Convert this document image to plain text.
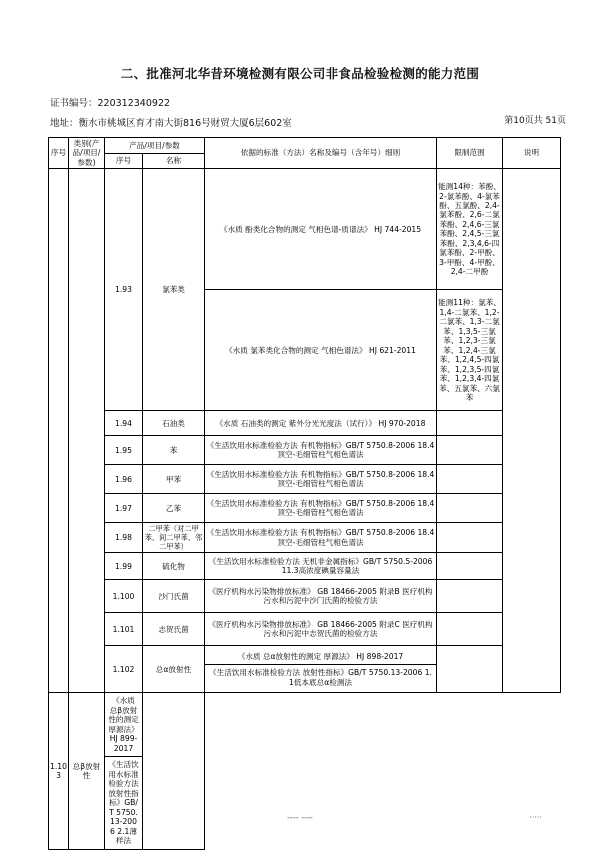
二、批准河北华昔环境检测有限公司非食品检验检测的能力范围
证书编号：220312340922
地址：衡水市桃城区育才南大街816号财贸大厦6层602室	第10页共 51页
序号	类别(产品/项目/参数)	产品/项目/参数		依据的标准（方法）名称及编号（含年号）细则	限制范围	说明
		序号	名称			
		1.93	氯苯类	《水质 酚类化合物的测定 气相色谱-质谱法》 HJ 744-2015	能测14种：苯酚、2-氯苯酚、4-氯苯酚、五氯酚、2,4-氯苯酚、2,6-二氯苯酚、2,4,6-三氯苯酚、2,4,5-三氯苯酚、2,3,4,6-四氯苯酚、2-甲酚、3-甲酚、4-甲酚、2,4-二甲酚	
				《水质 氯苯类化合物的测定 气相色谱法》 HJ 621-2011	能测11种：氯苯、1,4-二氯苯、1,2-二氯苯、1,3-二氯苯、1,3,5-三氯苯、1,2,3-三氯苯、1,2,4-三氯苯、1,2,4,5-四氯苯、1,2,3,5-四氯苯、1,2,3,4-四氯苯、五氯苯、六氯苯	
		1.94	石油类	《水质 石油类的测定 紫外分光光度法（试行）》 HJ 970-2018		
		1.95	苯	《生活饮用水标准检验方法 有机物指标》GB/T 5750.8-2006 18.4顶空-毛细管柱气相色谱法		
		1.96	甲苯	《生活饮用水标准检验方法 有机物指标》GB/T 5750.8-2006 18.4顶空-毛细管柱气相色谱法		
		1.97	乙苯	《生活饮用水标准检验方法 有机物指标》GB/T 5750.8-2006 18.4顶空-毛细管柱气相色谱法		
		1.98	二甲苯（对二甲苯、间二甲苯、邻二甲苯）	《生活饮用水标准检验方法 有机物指标》GB/T 5750.8-2006 18.4顶空-毛细管柱气相色谱法		
		1.99	硫化物	《生活饮用水标准检验方法 无机非金属指标》GB/T 5750.5-2006 11.3高浓度碘量容量法		
		1.100	沙门氏菌	《医疗机构水污染物排放标准》 GB 18466-2005 附录B 医疗机构污水和污泥中沙门氏菌的检验方法		
		1.101	志贺氏菌	《医疗机构水污染物排放标准》 GB 18466-2005 附录C 医疗机构污水和污泥中志贺氏菌的检验方法		
		1.102	总α放射性	《水质 总α放射性的测定 厚源法》 HJ 898-2017
《生活饮用水标准检验方法 放射性指标》GB/T 5750.13-2006 1.1低本底总α检测法		

1.103	总β放射性	《水质 总β放射性的测定 厚源法》 HJ 899-2017
《生活饮用水标准检验方法 放射性指标》GB/T 5750.13-2006 2.1薄样法				

---- ----	·····
